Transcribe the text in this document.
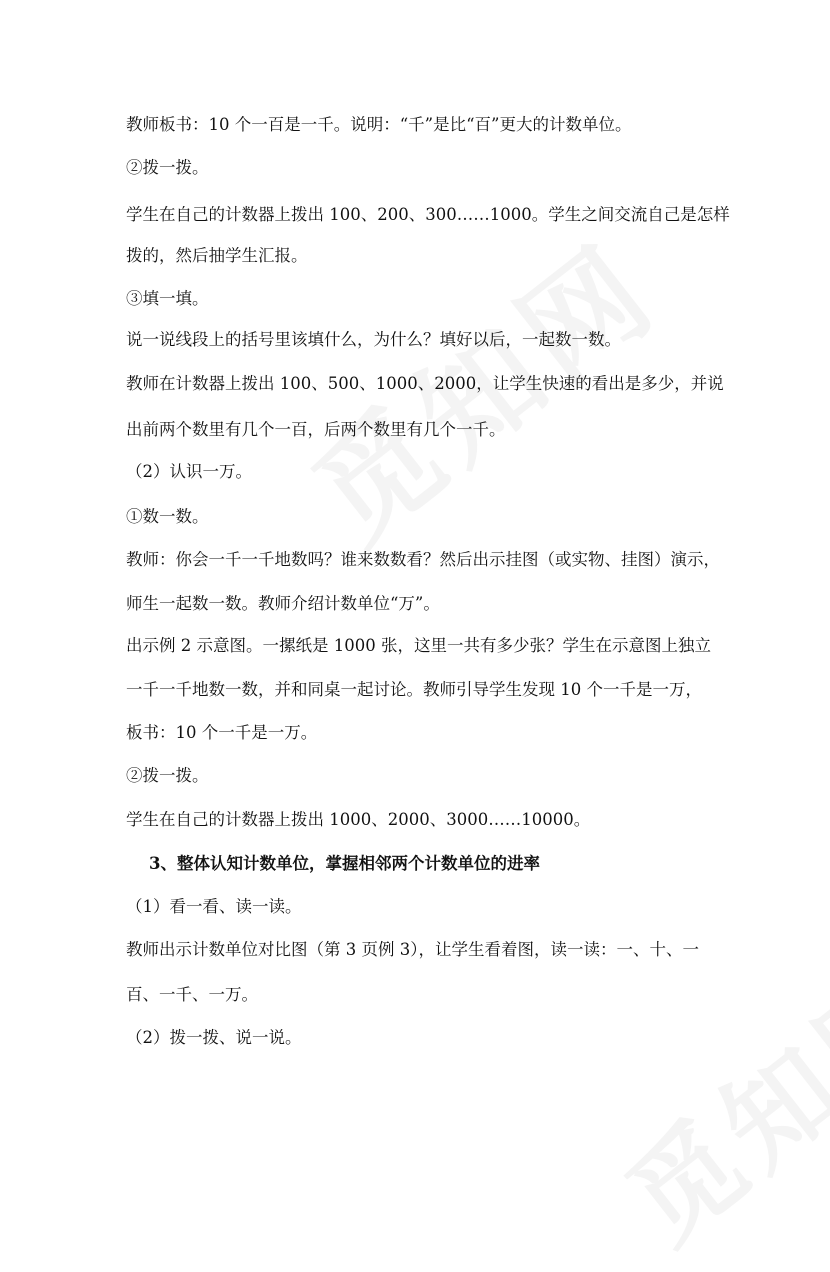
教师板书：10 个一百是一千。说明：“千”是比“百”更大的计数单位。
②拨一拨。
学生在自己的计数器上拨出 100、200、300……1000。学生之间交流自己是怎样
拨的，然后抽学生汇报。
③填一填。
说一说线段上的括号里该填什么，为什么？填好以后，一起数一数。
教师在计数器上拨出 100、500、1000、2000，让学生快速的看出是多少，并说
出前两个数里有几个一百，后两个数里有几个一千。
（2）认识一万。
①数一数。
教师：你会一千一千地数吗？谁来数数看？然后出示挂图（或实物、挂图）演示，
师生一起数一数。教师介绍计数单位“万”。
出示例 2 示意图。一摞纸是 1000 张，这里一共有多少张？学生在示意图上独立
一千一千地数一数，并和同桌一起讨论。教师引导学生发现 10 个一千是一万，
板书：10 个一千是一万。
②拨一拨。
学生在自己的计数器上拨出 1000、2000、3000……10000。
3、整体认知计数单位，掌握相邻两个计数单位的进率
（1）看一看、读一读。
教师出示计数单位对比图（第 3 页例 3），让学生看着图，读一读：一、十、一
百、一千、一万。
（2）拨一拨、说一说。
